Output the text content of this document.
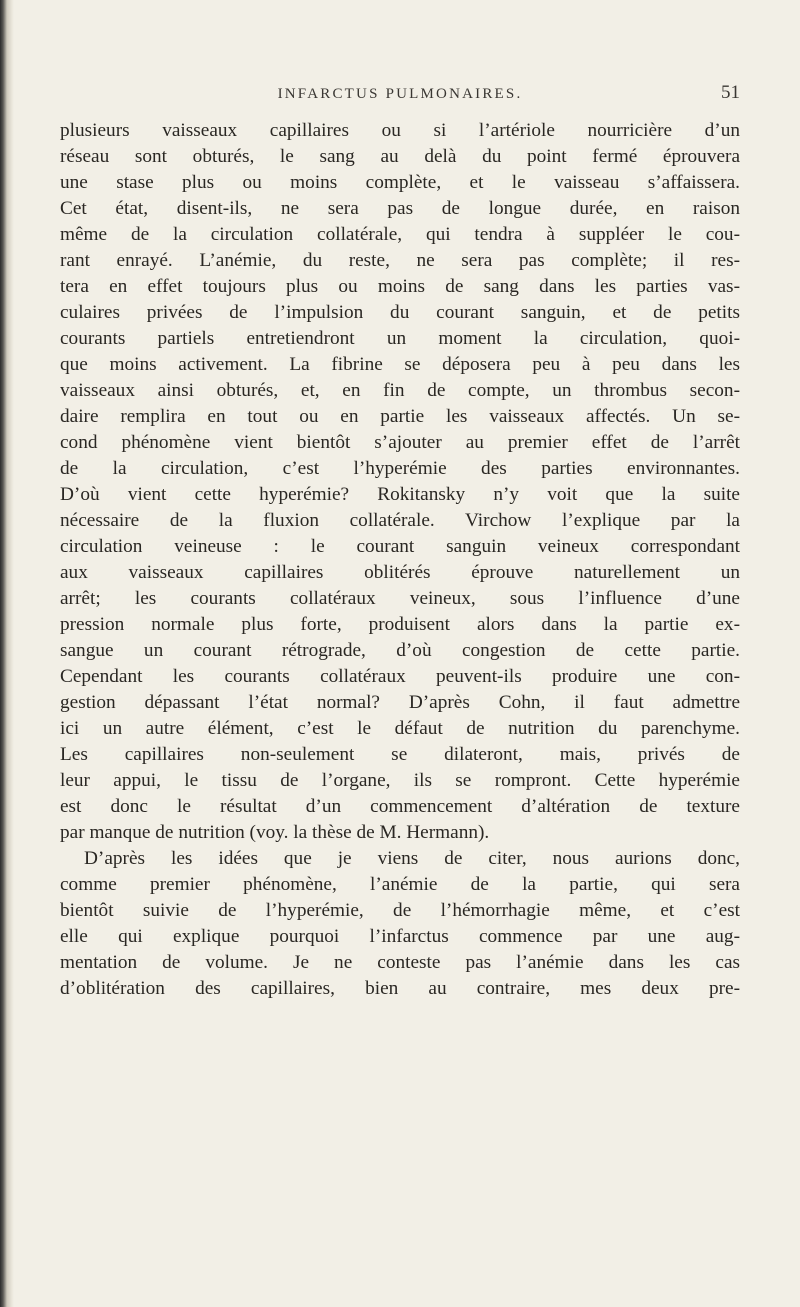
INFARCTUS PULMONAIRES.	51
plusieurs vaisseaux capillaires ou si l’artériole nourricière d’un
réseau sont obturés, le sang au delà du point fermé éprouvera
une stase plus ou moins complète, et le vaisseau s’affaissera.
Cet état, disent-ils, ne sera pas de longue durée, en raison
même de la circulation collatérale, qui tendra à suppléer le cou-
rant enrayé. L’anémie, du reste, ne sera pas complète; il res-
tera en effet toujours plus ou moins de sang dans les parties vas-
culaires privées de l’impulsion du courant sanguin, et de petits
courants partiels entretiendront un moment la circulation, quoi-
que moins activement. La fibrine se déposera peu à peu dans les
vaisseaux ainsi obturés, et, en fin de compte, un thrombus secon-
daire remplira en tout ou en partie les vaisseaux affectés. Un se-
cond phénomène vient bientôt s’ajouter au premier effet de l’arrêt
de la circulation, c’est l’hyperémie des parties environnantes.
D’où vient cette hyperémie? Rokitansky n’y voit que la suite
nécessaire de la fluxion collatérale. Virchow l’explique par la
circulation veineuse : le courant sanguin veineux correspondant
aux vaisseaux capillaires oblitérés éprouve naturellement un
arrêt; les courants collatéraux veineux, sous l’influence d’une
pression normale plus forte, produisent alors dans la partie ex-
sangue un courant rétrograde, d’où congestion de cette partie.
Cependant les courants collatéraux peuvent-ils produire une con-
gestion dépassant l’état normal? D’après Cohn, il faut admettre
ici un autre élément, c’est le défaut de nutrition du parenchyme.
Les capillaires non-seulement se dilateront, mais, privés de
leur appui, le tissu de l’organe, ils se rompront. Cette hyperémie
est donc le résultat d’un commencement d’altération de texture
par manque de nutrition (voy. la thèse de M. Hermann).
D’après les idées que je viens de citer, nous aurions donc,
comme premier phénomène, l’anémie de la partie, qui sera
bientôt suivie de l’hyperémie, de l’hémorrhagie même, et c’est
elle qui explique pourquoi l’infarctus commence par une aug-
mentation de volume. Je ne conteste pas l’anémie dans les cas
d’oblitération des capillaires, bien au contraire, mes deux pre-
